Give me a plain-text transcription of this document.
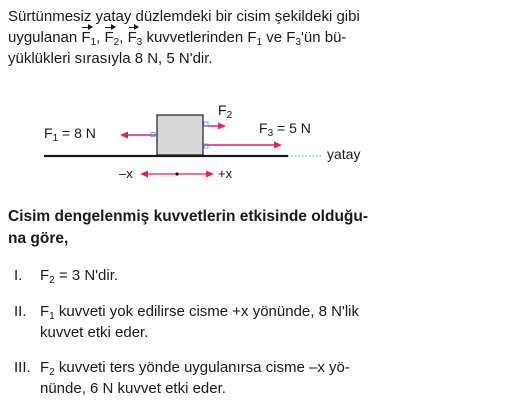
Sürtünmesiz yatay düzlemdeki bir cisim şekildeki gibi
uygulanan $F_1$, $F_2$, $F_3$ kuvvetlerinden $F_1$ ve $F_3'ün$ bü-
yüklükleri sırasıyla 8 N, 5 N'dir.
$F_1 = 8$ N
$F_2$
$F_3 = 5$ N
yatay
–x	+x
Cisim dengelenmiş kuvvetlerin etkisinde olduğu-
na göre,
I. $F_2 = 3$ N'dir.
II. $F_1$ kuvveti yok edilirse cisme +x yönünde, 8 N'lik
kuvvet etki eder.
III. $F_2$ kuvveti ters yönde uygulanırsa cisme –x yö-
nünde, 6 N kuvvet etki eder.
